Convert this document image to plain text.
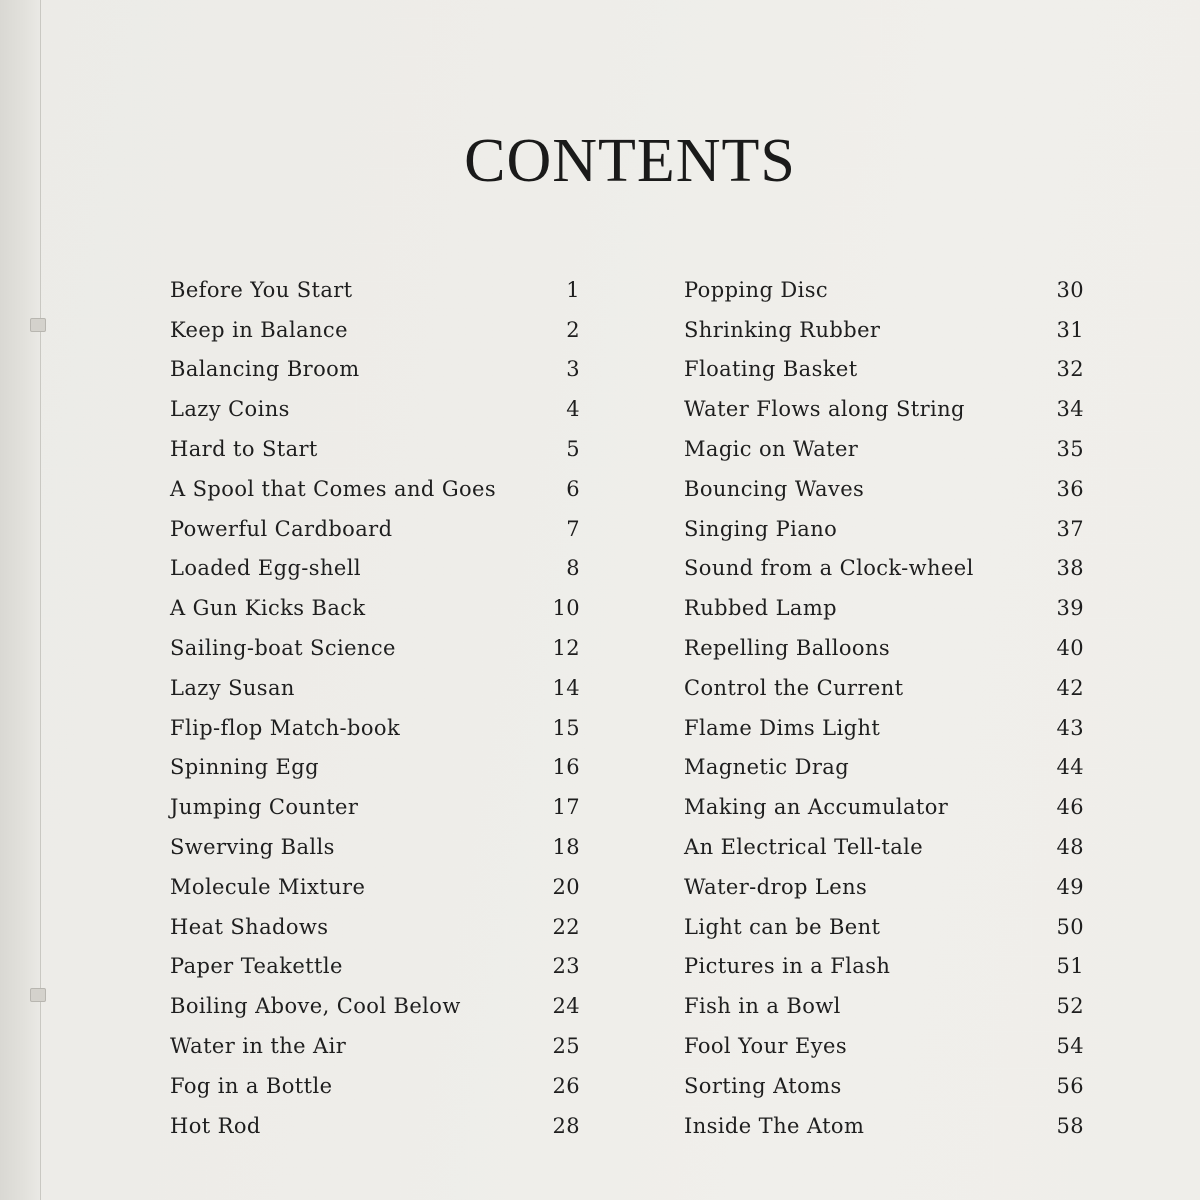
CONTENTS
Before You Start	1
Keep in Balance	2
Balancing Broom	3
Lazy Coins	4
Hard to Start	5
A Spool that Comes and Goes	6
Powerful Cardboard	7
Loaded Egg-shell	8
A Gun Kicks Back	10
Sailing-boat Science	12
Lazy Susan	14
Flip-flop Match-book	15
Spinning Egg	16
Jumping Counter	17
Swerving Balls	18
Molecule Mixture	20
Heat Shadows	22
Paper Teakettle	23
Boiling Above, Cool Below	24
Water in the Air	25
Fog in a Bottle	26
Hot Rod	28
Popping Disc	30
Shrinking Rubber	31
Floating Basket	32
Water Flows along String	34
Magic on Water	35
Bouncing Waves	36
Singing Piano	37
Sound from a Clock-wheel	38
Rubbed Lamp	39
Repelling Balloons	40
Control the Current	42
Flame Dims Light	43
Magnetic Drag	44
Making an Accumulator	46
An Electrical Tell-tale	48
Water-drop Lens	49
Light can be Bent	50
Pictures in a Flash	51
Fish in a Bowl	52
Fool Your Eyes	54
Sorting Atoms	56
Inside The Atom	58
